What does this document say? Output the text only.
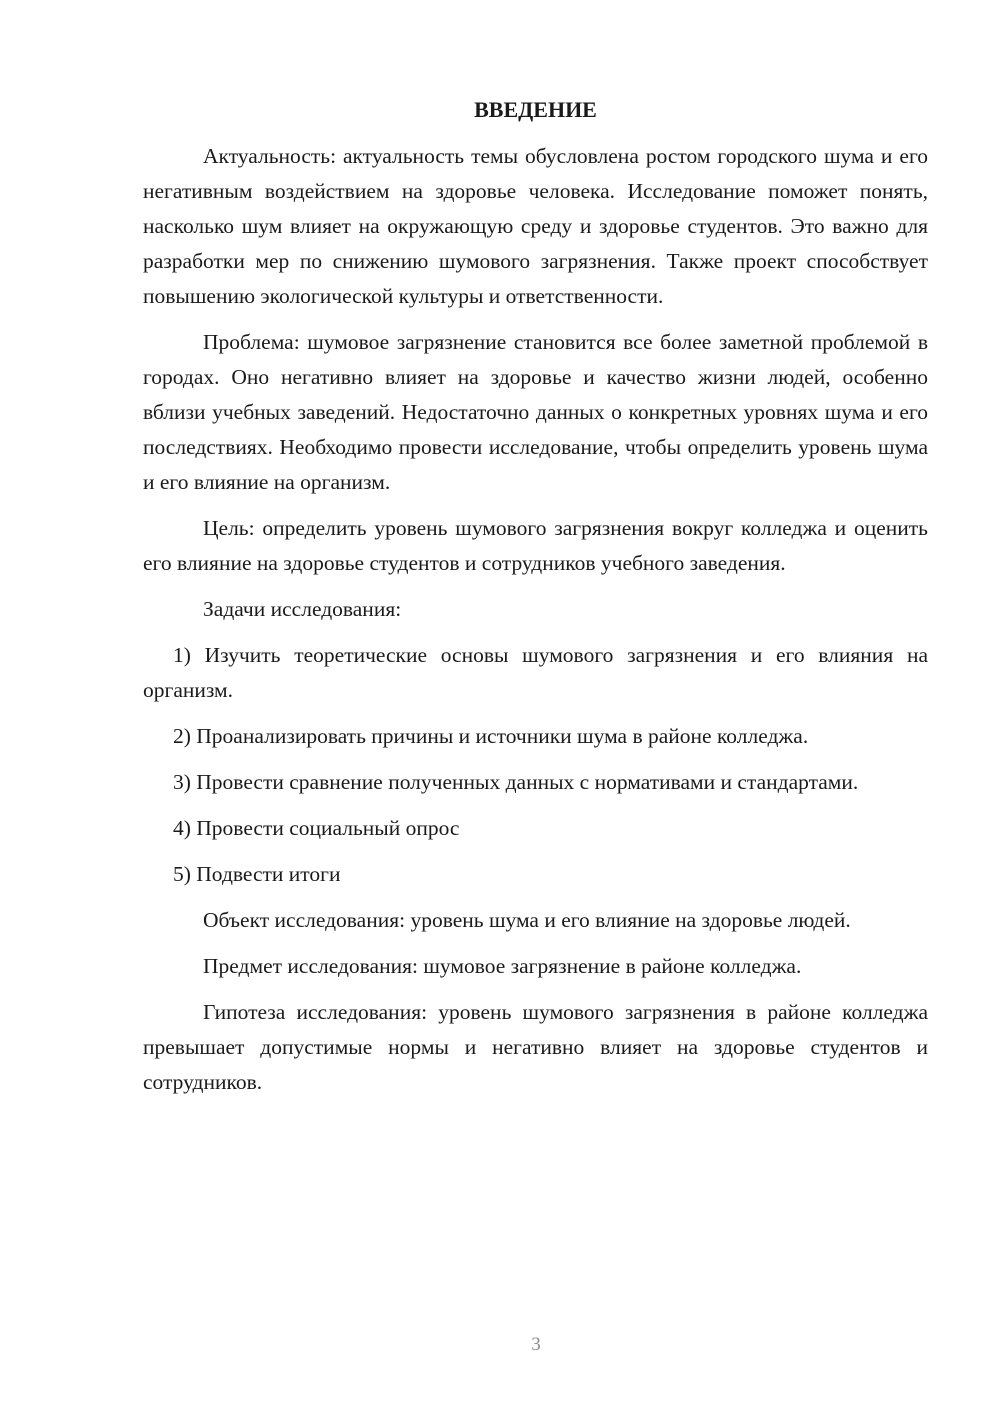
ВВЕДЕНИЕ

Актуальность: актуальность темы обусловлена ростом городского шума и его негативным воздействием на здоровье человека. Исследование поможет понять, насколько шум влияет на окружающую среду и здоровье студентов. Это важно для разработки мер по снижению шумового загрязнения. Также проект способствует повышению экологической культуры и ответственности.

Проблема: шумовое загрязнение становится все более заметной проблемой в городах. Оно негативно влияет на здоровье и качество жизни людей, особенно вблизи учебных заведений. Недостаточно данных о конкретных уровнях шума и его последствиях. Необходимо провести исследование, чтобы определить уровень шума и его влияние на организм.

Цель: определить уровень шумового загрязнения вокруг колледжа и оценить его влияние на здоровье студентов и сотрудников учебного заведения.

Задачи исследования:

1) Изучить теоретические основы шумового загрязнения и его влияния на организм.

2) Проанализировать причины и источники шума в районе колледжа.

3) Провести сравнение полученных данных с нормативами и стандартами.

4) Провести социальный опрос

5) Подвести итоги

Объект исследования: уровень шума и его влияние на здоровье людей.

Предмет исследования: шумовое загрязнение в районе колледжа.

Гипотеза исследования: уровень шумового загрязнения в районе колледжа превышает допустимые нормы и негативно влияет на здоровье студентов и сотрудников.

3
